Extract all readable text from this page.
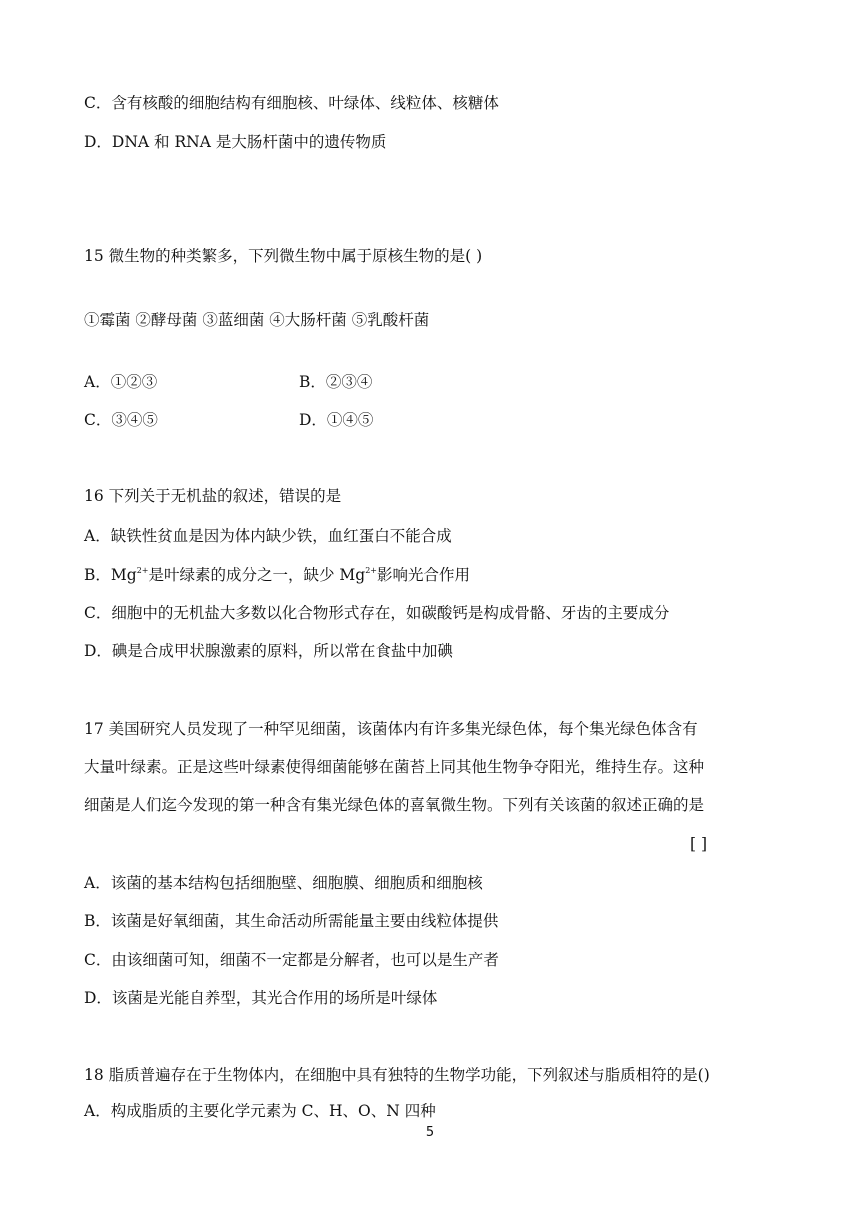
C．含有核酸的细胞结构有细胞核、叶绿体、线粒体、核糖体
D．DNA 和 RNA 是大肠杆菌中的遗传物质
15 微生物的种类繁多，下列微生物中属于原核生物的是( )
①霉菌 ②酵母菌 ③蓝细菌 ④大肠杆菌 ⑤乳酸杆菌
A．①②③	B．②③④
C．③④⑤	D．①④⑤
16 下列关于无机盐的叙述，错误的是
A．缺铁性贫血是因为体内缺少铁，血红蛋白不能合成
B．$Mg^{2+}$是叶绿素的成分之一，缺少 $Mg^{2+}$影响光合作用
C．细胞中的无机盐大多数以化合物形式存在，如碳酸钙是构成骨骼、牙齿的主要成分
D．碘是合成甲状腺激素的原料，所以常在食盐中加碘
17 美国研究人员发现了一种罕见细菌，该菌体内有许多集光绿色体，每个集光绿色体含有
大量叶绿素。正是这些叶绿素使得细菌能够在菌苔上同其他生物争夺阳光，维持生存。这种
细菌是人们迄今发现的第一种含有集光绿色体的喜氧微生物。下列有关该菌的叙述正确的是
[ ]
A．该菌的基本结构包括细胞壁、细胞膜、细胞质和细胞核
B．该菌是好氧细菌，其生命活动所需能量主要由线粒体提供
C．由该细菌可知，细菌不一定都是分解者，也可以是生产者
D．该菌是光能自养型，其光合作用的场所是叶绿体
18 脂质普遍存在于生物体内，在细胞中具有独特的生物学功能，下列叙述与脂质相符的是()
A．构成脂质的主要化学元素为 C、H、O、N 四种
5
